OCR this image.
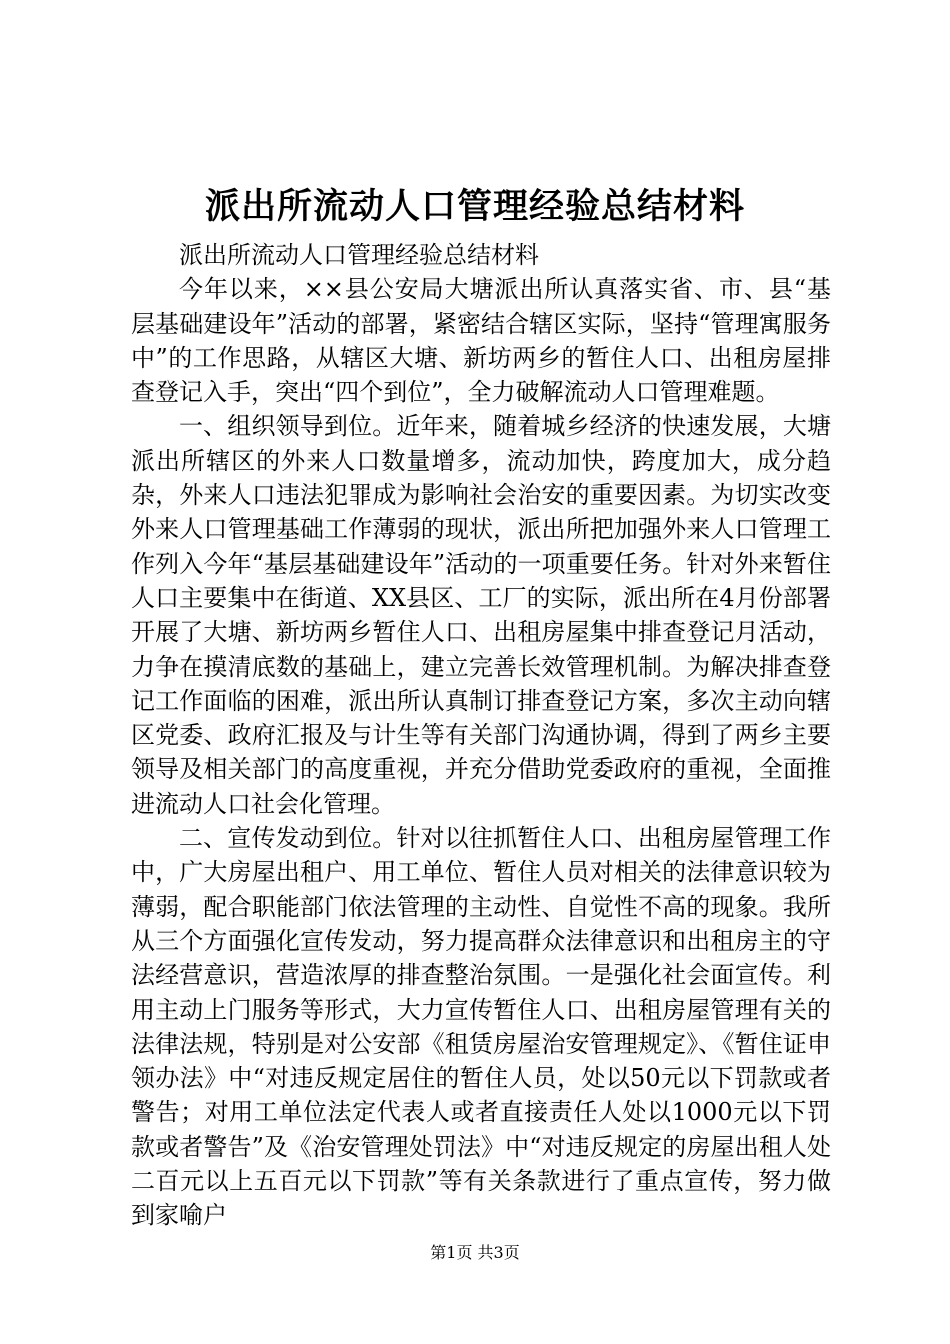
派出所流动人口管理经验总结材料

派出所流动人口管理经验总结材料

今年以来，××县公安局大塘派出所认真落实省、市、县“基层基础建设年”活动的部署，紧密结合辖区实际，坚持“管理寓服务中”的工作思路，从辖区大塘、新坊两乡的暂住人口、出租房屋排查登记入手，突出“四个到位”，全力破解流动人口管理难题。

一、组织领导到位。近年来，随着城乡经济的快速发展，大塘派出所辖区的外来人口数量增多，流动加快，跨度加大，成分趋杂，外来人口违法犯罪成为影响社会治安的重要因素。为切实改变外来人口管理基础工作薄弱的现状，派出所把加强外来人口管理工作列入今年“基层基础建设年”活动的一项重要任务。针对外来暂住人口主要集中在街道、XX县区、工厂的实际，派出所在4月份部署开展了大塘、新坊两乡暂住人口、出租房屋集中排查登记月活动，力争在摸清底数的基础上，建立完善长效管理机制。为解决排查登记工作面临的困难，派出所认真制订排查登记方案，多次主动向辖区党委、政府汇报及与计生等有关部门沟通协调，得到了两乡主要领导及相关部门的高度重视，并充分借助党委政府的重视，全面推进流动人口社会化管理。

二、宣传发动到位。针对以往抓暂住人口、出租房屋管理工作中，广大房屋出租户、用工单位、暂住人员对相关的法律意识较为薄弱，配合职能部门依法管理的主动性、自觉性不高的现象。我所从三个方面强化宣传发动，努力提高群众法律意识和出租房主的守法经营意识，营造浓厚的排查整治氛围。一是强化社会面宣传。利用主动上门服务等形式，大力宣传暂住人口、出租房屋管理有关的法律法规，特别是对公安部《租赁房屋治安管理规定》、《暂住证申领办法》中“对违反规定居住的暂住人员，处以50元以下罚款或者警告；对用工单位法定代表人或者直接责任人处以1000元以下罚款或者警告”及《治安管理处罚法》中“对违反规定的房屋出租人处二百元以上五百元以下罚款”等有关条款进行了重点宣传，努力做到家喻户

第1页 共3页
